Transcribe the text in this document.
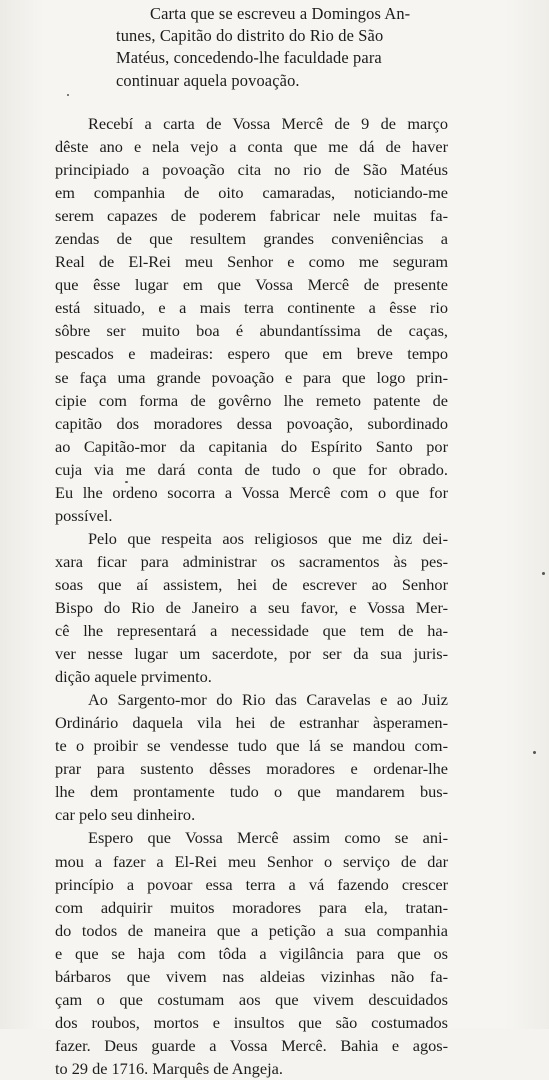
Carta que se escreveu a Domingos An-
tunes, Capitão do distrito do Rio de São
Matéus, concedendo-lhe faculdade para
continuar aquela povoação.

Recebí a carta de Vossa Mercê de 9 de março
dêste ano e nela vejo a conta que me dá de haver
principiado a povoação cita no rio de São Matéus
em companhia de oito camaradas, noticiando-me
serem capazes de poderem fabricar nele muitas fa-
zendas de que resultem grandes conveniências a
Real de El-Rei meu Senhor e como me seguram
que êsse lugar em que Vossa Mercê de presente
está situado, e a mais terra continente a êsse rio
sôbre ser muito boa é abundantíssima de caças,
pescados e madeiras: espero que em breve tempo
se faça uma grande povoação e para que logo prin-
cipie com forma de govêrno lhe remeto patente de
capitão dos moradores dessa povoação, subordinado
ao Capitão-mor da capitania do Espírito Santo por
cuja via me dará conta de tudo o que for obrado.
Eu lhe ordeno socorra a Vossa Mercê com o que for
possível.

Pelo que respeita aos religiosos que me diz dei-
xara ficar para administrar os sacramentos às pes-
soas que aí assistem, hei de escrever ao Senhor
Bispo do Rio de Janeiro a seu favor, e Vossa Mer-
cê lhe representará a necessidade que tem de ha-
ver nesse lugar um sacerdote, por ser da sua juris-
dição aquele prvimento.

Ao Sargento-mor do Rio das Caravelas e ao Juiz
Ordinário daquela vila hei de estranhar àsperamen-
te o proibir se vendesse tudo que lá se mandou com-
prar para sustento dêsses moradores e ordenar-lhe
lhe dem prontamente tudo o que mandarem bus-
car pelo seu dinheiro.

Espero que Vossa Mercê assim como se ani-
mou a fazer a El-Rei meu Senhor o serviço de dar
princípio a povoar essa terra a vá fazendo crescer
com adquirir muitos moradores para ela, tratan-
do todos de maneira que a petição a sua companhia
e que se haja com tôda a vigilância para que os
bárbaros que vivem nas aldeias vizinhas não fa-
çam o que costumam aos que vivem descuidados
dos roubos, mortos e insultos que são costumados
fazer. Deus guarde a Vossa Mercê. Bahia e agos-
to 29 de 1716. Marquês de Angeja.
